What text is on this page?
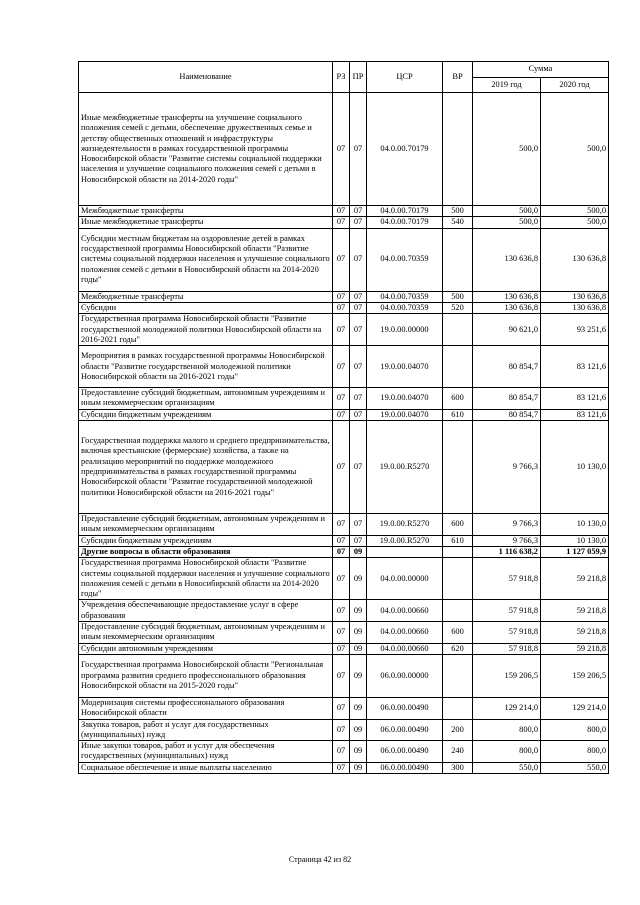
Наименование	РЗ	ПР	ЦСР	ВР	Сумма	
					2019 год	2020 год
Иные межбюджетные трансферты на улучшение социального положения семей с детьми, обеспечение дружественных семье и детству общественных отношений и инфраструктуры жизнедеятельности в рамках государственной программы Новосибирской области "Развитие системы социальной поддержки населения и улучшение социального положения семей с детьми в Новосибирской области на 2014-2020 годы"	07	07	04.0.00.70179		500,0	500,0
Межбюджетные трансферты	07	07	04.0.00.70179	500	500,0	500,0
Иные межбюджетные трансферты	07	07	04.0.00.70179	540	500,0	500,0
Субсидии местным бюджетам на оздоровление детей в рамках государственной программы Новосибирской области "Развитие системы социальной поддержки населения и улучшение социального положения семей с детьми в Новосибирской области на 2014-2020 годы"	07	07	04.0.00.70359		130 636,8	130 636,8
Межбюджетные трансферты	07	07	04.0.00.70359	500	130 636,8	130 636,8
Субсидии	07	07	04.0.00.70359	520	130 636,8	130 636,8
Государственная программа Новосибирской области "Развитие государственной молодежной политики Новосибирской области на 2016-2021 годы"	07	07	19.0.00.00000		90 621,0	93 251,6
Мероприятия в рамках государственной программы Новосибирской области "Развитие государственной молодежной политики Новосибирской области на 2016-2021 годы"	07	07	19.0.00.04070		80 854,7	83 121,6
Предоставление субсидий бюджетным, автономным учреждениям и иным некоммерческим организациям	07	07	19.0.00.04070	600	80 854,7	83 121,6
Субсидии бюджетным учреждениям	07	07	19.0.00.04070	610	80 854,7	83 121,6
Государственная поддержка малого и среднего предпринимательства, включая крестьянские (фермерские) хозяйства, а также на реализацию мероприятий по поддержке молодежного предпринимательства в рамках государственной программы Новосибирской области "Развитие государственной молодежной политики Новосибирской области на 2016-2021 годы"	07	07	19.0.00.R5270		9 766,3	10 130,0
Предоставление субсидий бюджетным, автономным учреждениям и иным некоммерческим организациям	07	07	19.0.00.R5270	600	9 766,3	10 130,0
Субсидии бюджетным учреждениям	07	07	19.0.00.R5270	610	9 766,3	10 130,0
Другие вопросы в области образования	07	09			1 116 638,2	1 127 059,9
Государственная программа Новосибирской области "Развитие системы социальной поддержки населения и улучшение социального положения семей с детьми в Новосибирской области на 2014-2020 годы"	07	09	04.0.00.00000		57 918,8	59 218,8
Учреждения обеспечивающие предоставление услуг в сфере образования	07	09	04.0.00.00660		57 918,8	59 218,8
Предоставление субсидий бюджетным, автономным учреждениям и иным некоммерческим организациям	07	09	04.0.00.00660	600	57 918,8	59 218,8
Субсидии автономным учреждениям	07	09	04.0.00.00660	620	57 918,8	59 218,8
Государственная программа Новосибирской области "Региональная программа развития среднего профессионального образования Новосибирской области на 2015-2020 годы"	07	09	06.0.00.00000		159 206,5	159 206,5
Модернизация системы профессионального образования Новосибирской области	07	09	06.0.00.00490		129 214,0	129 214,0
Закупка товаров, работ и услуг для государственных (муниципальных) нужд	07	09	06.0.00.00490	200	800,0	800,0
Иные закупки товаров, работ и услуг для обеспечения государственных (муниципальных) нужд	07	09	06.0.00.00490	240	800,0	800,0
Социальное обеспечение и иные выплаты населению	07	09	06.0.00.00490	300	550,0	550,0
Страница 42 из 82
